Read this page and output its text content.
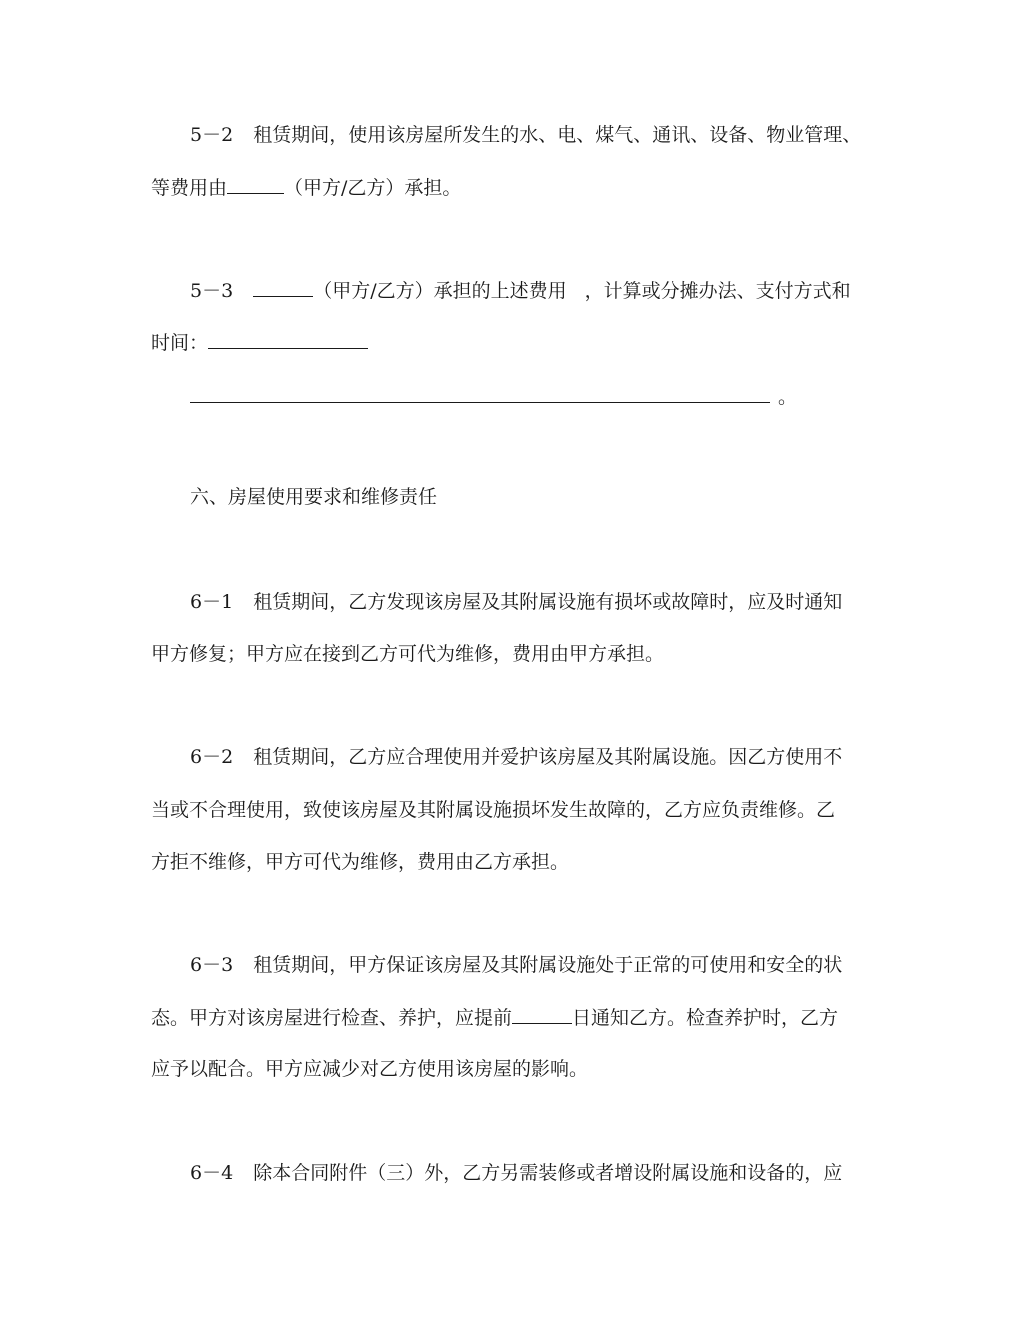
5－2 租赁期间，使用该房屋所发生的水、电、煤气、通讯、设备、物业管理、
等费用由	（甲方/乙方）承担。
5－3	（甲方/乙方）承担的上述费用 ，计算或分摊办法、支付方式和
时间：
。
六、房屋使用要求和维修责任
6－1 租赁期间，乙方发现该房屋及其附属设施有损坏或故障时，应及时通知
甲方修复；甲方应在接到乙方可代为维修，费用由甲方承担。
6－2 租赁期间，乙方应合理使用并爱护该房屋及其附属设施。因乙方使用不
当或不合理使用，致使该房屋及其附属设施损坏发生故障的，乙方应负责维修。乙
方拒不维修，甲方可代为维修，费用由乙方承担。
6－3 租赁期间，甲方保证该房屋及其附属设施处于正常的可使用和安全的状
态。甲方对该房屋进行检查、养护，应提前	日通知乙方。检查养护时，乙方
应予以配合。甲方应减少对乙方使用该房屋的影响。
6－4 除本合同附件（三）外，乙方另需装修或者增设附属设施和设备的，应
